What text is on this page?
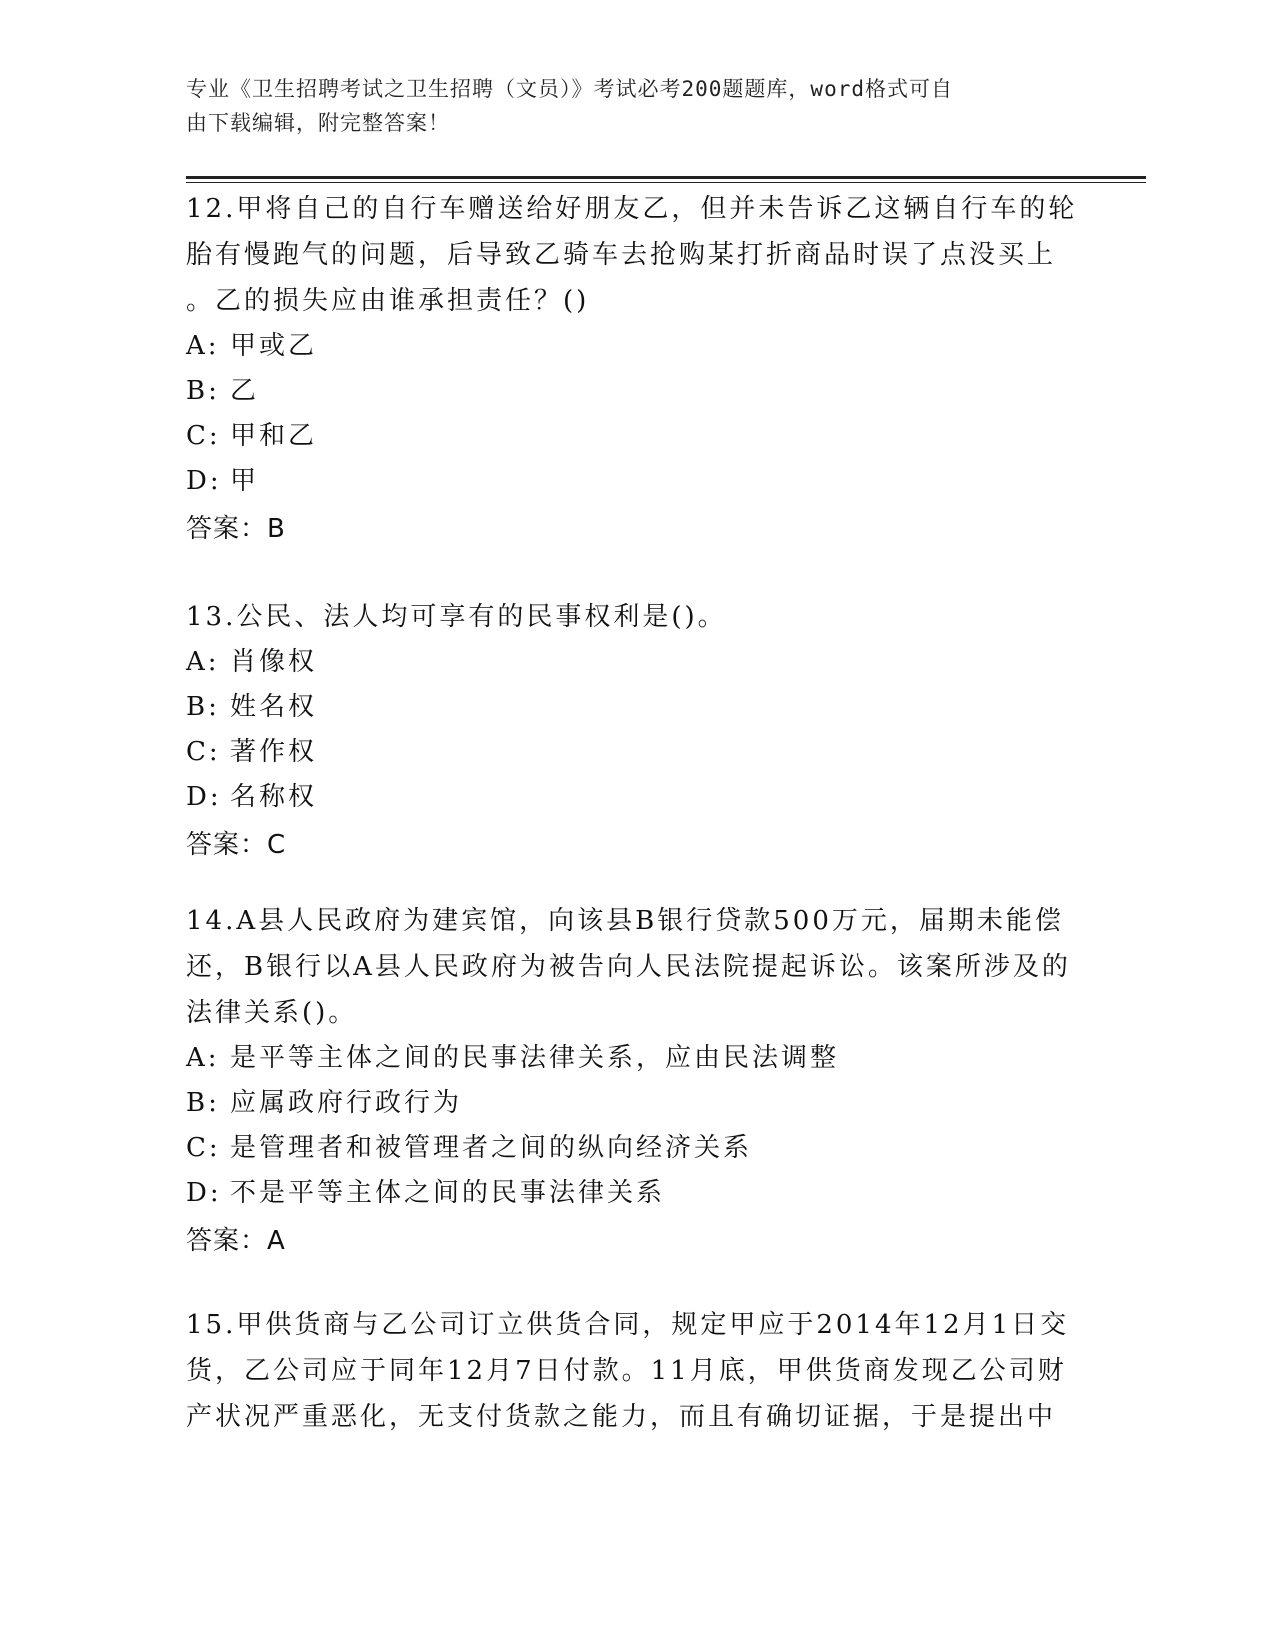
专业《卫生招聘考试之卫生招聘（文员）》考试必考200题题库，word格式可自
由下载编辑，附完整答案！
12.甲将自己的自行车赠送给好朋友乙，但并未告诉乙这辆自行车的轮
胎有慢跑气的问题，后导致乙骑车去抢购某打折商品时误了点没买上
。乙的损失应由谁承担责任？()
A: 甲或乙
B: 乙
C: 甲和乙
D: 甲
答案：B
13.公民、法人均可享有的民事权利是()。
A: 肖像权
B: 姓名权
C: 著作权
D: 名称权
答案：C
14.A县人民政府为建宾馆，向该县B银行贷款500万元，届期未能偿
还，B银行以A县人民政府为被告向人民法院提起诉讼。该案所涉及的
法律关系()。
A: 是平等主体之间的民事法律关系，应由民法调整
B: 应属政府行政行为
C: 是管理者和被管理者之间的纵向经济关系
D: 不是平等主体之间的民事法律关系
答案：A
15.甲供货商与乙公司订立供货合同，规定甲应于2014年12月1日交
货，乙公司应于同年12月7日付款。11月底，甲供货商发现乙公司财
产状况严重恶化，无支付货款之能力，而且有确切证据，于是提出中
